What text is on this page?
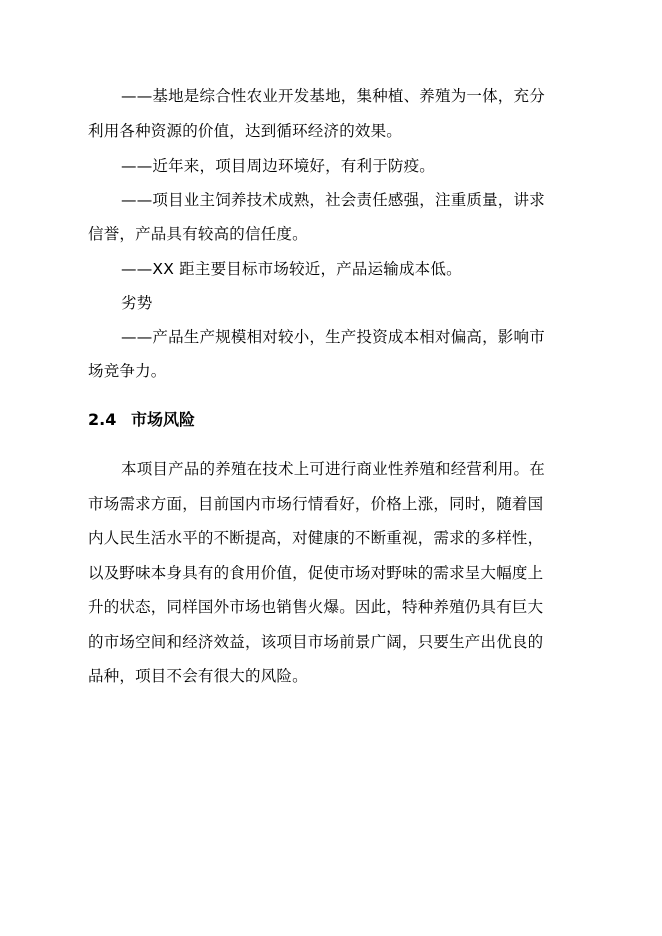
——基地是综合性农业开发基地，集种植、养殖为一体，充分
利用各种资源的价值，达到循环经济的效果。
——近年来，项目周边环境好，有利于防疫。
——项目业主饲养技术成熟，社会责任感强，注重质量，讲求
信誉，产品具有较高的信任度。
——XX 距主要目标市场较近，产品运输成本低。
劣势
——产品生产规模相对较小，生产投资成本相对偏高，影响市
场竞争力。
2.4 市场风险
本项目产品的养殖在技术上可进行商业性养殖和经营利用。在
市场需求方面，目前国内市场行情看好，价格上涨，同时，随着国
内人民生活水平的不断提高，对健康的不断重视，需求的多样性，
以及野味本身具有的食用价值，促使市场对野味的需求呈大幅度上
升的状态，同样国外市场也销售火爆。因此，特种养殖仍具有巨大
的市场空间和经济效益，该项目市场前景广阔，只要生产出优良的
品种，项目不会有很大的风险。
